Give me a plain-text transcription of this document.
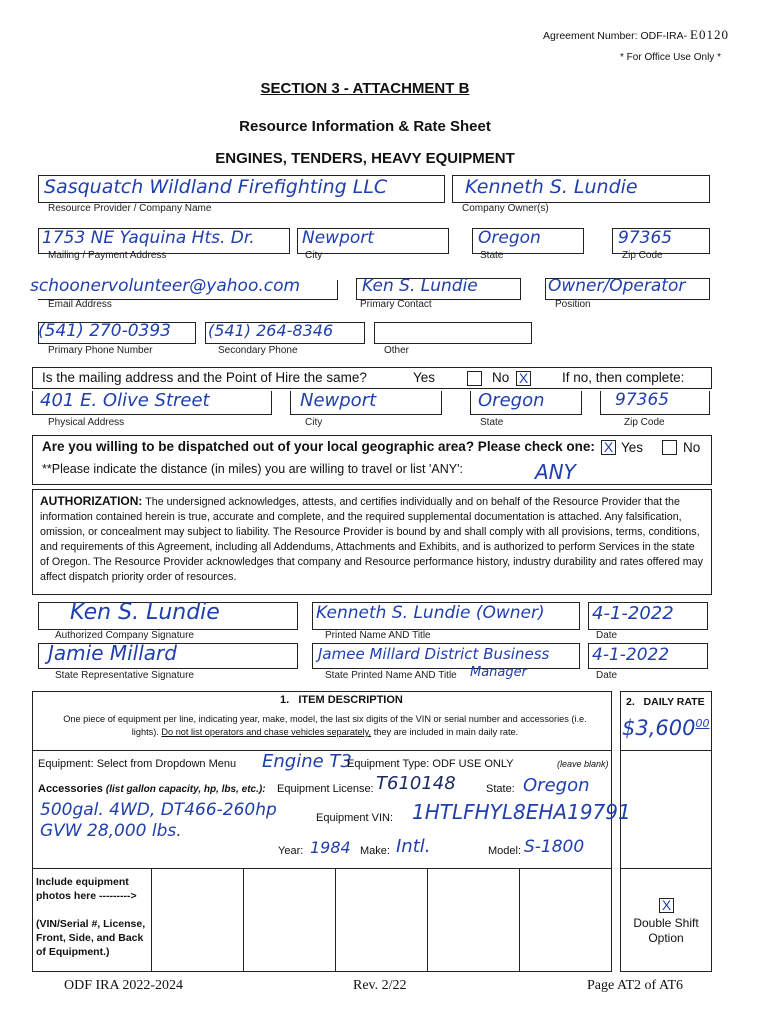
Agreement Number: ODF-IRA- E0120
* For Office Use Only *
SECTION 3 - ATTACHMENT B
Resource Information & Rate Sheet
ENGINES, TENDERS, HEAVY EQUIPMENT
Sasquatch Wildland Firefighting LLC
Resource Provider / Company Name
Kenneth S. Lundie
Company Owner(s)
1753 NE Yaquina Hts. Dr.
Mailing / Payment Address
Newport
City
Oregon
State
97365
Zip Code
schoonervolunteer@yahoo.com
Email Address
Ken S. Lundie
Primary Contact
Owner/Operator
Position
(541) 270-0393
Primary Phone Number
(541) 264-8346
Secondary Phone	Other
Is the mailing address and the Point of Hire the same?	Yes	No X	If no, then complete:
401 E. Olive Street
Physical Address
Newport
City
Oregon
State
97365
Zip Code
Are you willing to be dispatched out of your local geographic area? Please check one: X Yes	No
**Please indicate the distance (in miles) you are willing to travel or list 'ANY':	ANY
AUTHORIZATION: The undersigned acknowledges, attests, and certifies individually and on behalf of the Resource Provider that the information contained herein is true, accurate and complete, and the required supplemental documentation is attached. Any falsification, omission, or concealment may subject to liability. The Resource Provider is bound by and shall comply with all provisions, terms, conditions, and requirements of this Agreement, including all Addendums, Attachments and Exhibits, and is authorized to perform Services in the state of Oregon. The Resource Provider acknowledges that company and Resource performance history, industry durability and rates offered may affect dispatch priority order of resources.
Ken S. Lundie
Authorized Company Signature
Kenneth S. Lundie (Owner)
Printed Name AND Title
4-1-2022
Date
Jamie Millard
State Representative Signature
Jamee Millard District Business
State Printed Name AND Title Manager
4-1-2022
Date
1. ITEM DESCRIPTION
One piece of equipment per line, indicating year, make, model, the last six digits of the VIN or serial number and accessories (i.e. lights). Do not list operators and chase vehicles separately, they are included in main daily rate.
2. DAILY RATE
$3,600$^{00}$
Equipment: Select from Dropdown Menu Engine T3
Equipment Type: ODF USE ONLY	(leave blank)
Accessories (list gallon capacity, hp, lbs, etc.): Equipment License: T610148	State: Oregon
500gal. 4WD, DT466-260hp
GVW 28,000 lbs.
Equipment VIN: 1HTLFHYL8EHA19791
Year: 1984 Make: Intl.	Model: S-1800
Include equipment
photos here --------->
(VIN/Serial #, License,
Front, Side, and Back
of Equipment.)
X
Double Shift
Option
ODF IRA 2022-2024	Rev. 2/22	Page AT2 of AT6
